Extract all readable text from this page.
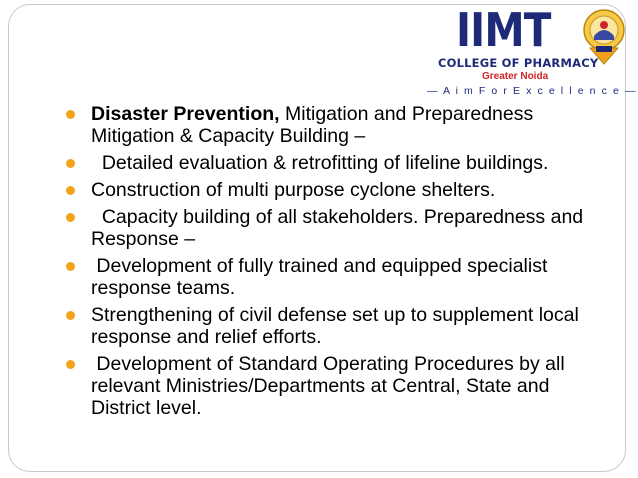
IIMT
COLLEGE OF PHARMACY
Greater Noida
— A i m F o r E x c e l l e n c e —
Disaster Prevention, Mitigation and Preparedness Mitigation & Capacity Building –
Detailed evaluation & retrofitting of lifeline buildings.
Construction of multi purpose cyclone shelters.
Capacity building of all stakeholders. Preparedness and Response –
Development of fully trained and equipped specialist response teams.
Strengthening of civil defense set up to supplement local response and relief efforts.
Development of Standard Operating Procedures by all relevant Ministries/Departments at Central, State and District level.
